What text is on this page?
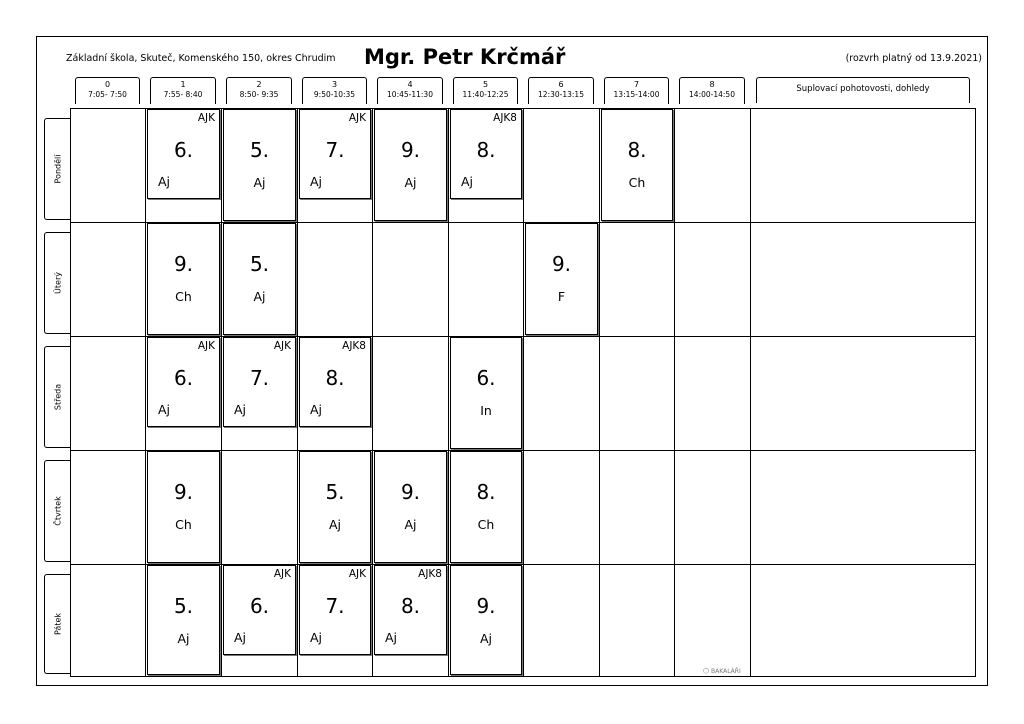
Základní škola, Skuteč, Komenského 150, okres Chrudim Mgr. Petr Krčmář	(rozvrh platný od 13.9.2021)
0
7:05- 7:50
1
7:55- 8:40
2
8:50- 9:35
3
9:50-10:35
4
10:45-11:30
5
11:40-12:25
6
12:30-13:15
7
13:15-14:00
8
14:00-14:50
Suplovací pohotovosti, dohledy
Pondělí
Úterý
Středa
Čtvrtek
Pátek
AJK
6.
Aj
5.
Aj
AJK
7.
Aj
9.
Aj
AJK8
8.
Aj
8.
Ch
9.
Ch
5.
Aj
9.
F
AJK
6.
Aj
AJK
7.
Aj
AJK8
8.
Aj
6.
In
9.
Ch
5.
Aj
9.
Aj
8.
Ch
5.
Aj
AJK
6.
Aj
AJK
7.
Aj
AJK8
8.
Aj
9.
Aj
⬡ BAKALÁŘI
